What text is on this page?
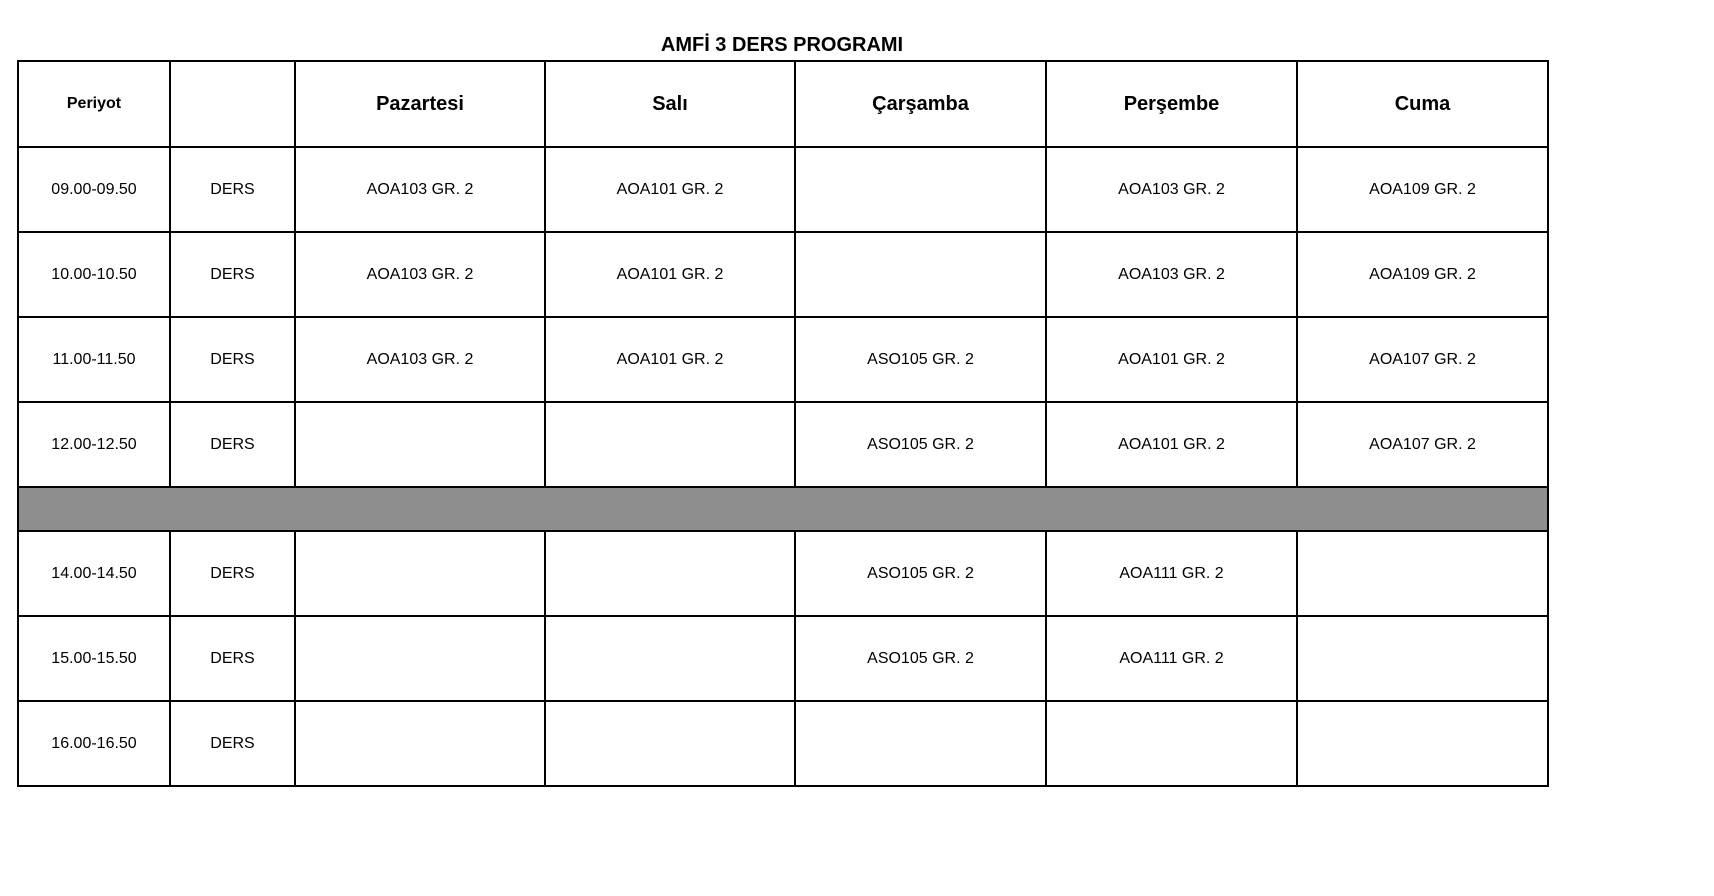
AMFİ 3 DERS PROGRAMI
Periyot		Pazartesi	Salı	Çarşamba	Perşembe	Cuma
09.00-09.50	DERS	AOA103 GR. 2	AOA101 GR. 2		AOA103 GR. 2	AOA109 GR. 2
10.00-10.50	DERS	AOA103 GR. 2	AOA101 GR. 2		AOA103 GR. 2	AOA109 GR. 2
11.00-11.50	DERS	AOA103 GR. 2	AOA101 GR. 2	ASO105 GR. 2	AOA101 GR. 2	AOA107 GR. 2
12.00-12.50	DERS			ASO105 GR. 2	AOA101 GR. 2	AOA107 GR. 2

14.00-14.50	DERS			ASO105 GR. 2	AOA111 GR. 2	
15.00-15.50	DERS			ASO105 GR. 2	AOA111 GR. 2	
16.00-16.50	DERS					
